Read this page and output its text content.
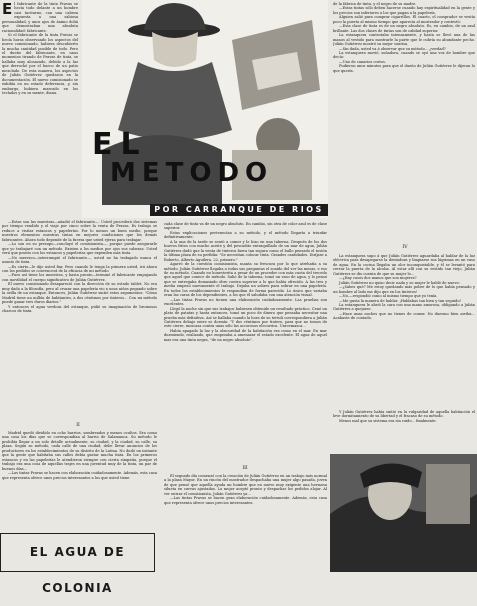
E l fabricante de la tinta Pravas se hecía todo delante a un hombre casi taciturno, con una cabeza expuesta a una sabiosa personalidad, y unos ajos de ánimo doliá que demostraban una absoluta racionalidad: fabricante.

Si el fabricante de la tinta Pravas se hecía horas observando los aspectos del nuevo comisionado, hubiera descubierto la mucha cantidad posible de todo. Pero el dueño del fabricante, en unos momentos tirando de Pravas de tinta, se hallaba muy alcanzado, debido a la luz que derrochó por el hueco de un patio mezclado. De esta manera, los aspectos de Julián Gutiérrez quedaron en la documentación. El nuevo comisionado se exhibía en un estado deferencia, y, sin embargo, hubiera marcado en los teclados y en su mente, diana.

EL
METODO
POR CARRANQUE DE RIOS

de la fábrica de tinta, y el negro de su madre.

—Estas tintas sólo deben hacerse cuando hay espiritualidad en la gente y los precios son inferiores a los que pagan a la papelería.

Alguien salió para comprar cigarrillos. El cuarto, el comprador se vestía poco la puerta al mismo tiempo que aparecía al mostrador y contestó:

—Esta clase de tinta es de un negro absoluto. Es, en cambio, de un azul brillante. Las dos clases de tintas son de calidad superior.

La estanquera contestaba intensamente, y hasta se llevó una de las manos al vestido para mostrarle la parte que le cubría su abundante pecho. Julián Gutiérrez mostró su mejor sonrisa.

—Sin duda, usted va á observar que su método... ¿verdad?

La estanquera movió, soñadora, cuando se oyó una voz de hombre que decía:

—Uno de canarios cortos.

Pudieron unos minutos para que el dueño de Julián Gutiérrez le dijeran lo que quería.

—Estas son las muestras—añadió el fabricante—. Usted procederá dos sistemas por tiempo vendido y el viaje por cinco sobre la venta de Pravas. Es trabajo se reduce a visitar estancos y papelerías. Por lo menos un buen medio, porque nuestros elementos nuestras tintas en mejores condiciones que los demás fabricantes. Ahora todo depende de la fuerza que usted ejerza para trabajar.

—Lo son en su presupo—concluyó el comisionista—, porque puede asegurarle que yo trabajaré con un método. Existen a los medios por ojos sus cabezas. Usted verá que pronto con los estancos y papelerías que expenden más tinta.

—No merezco—interrumpió el fabricante—, usted no ha trabajado nunca el asunto de tinta.

—Es cierto—le dijo usted fiar, Pero cuando le tenga la primera usted, irá ahora con los pedidos se convencerá de la eficacia de mi método.

—Pues así tiene los muestras, y hasta pronto—terminó el fabricante empujando con movilidad el cuerpo significativo de Julián Gutiérrez.

El nuevo comisionado desapareció con la dirección de su estado tablet. No era muy dado a la filosofía, pero al cruzar una papelería vio a unos niños pegando sobre la orilla de un estanque. Entonces, Julián Gutiérrez sintió estos argumentos: "Cómo Madrid tiene un millón de habitantes, a dos céntimos por tinteros... Con mi método puede ganar tres duros diarios."

Y entonces el agua verdosa del estanque, pidió su imaginación de bromosos charcos de tinta.

II

Madrid quedó dividido en ocho barrios, sombreados y menos ocultos. Era como una casa los días que se correspondían al barrio de Salamanca. Su método le prohibía llegar a un solo detalle actualmente, su ciudad, y la ciudad, su calle, su plaza. Según su método, cada calle de una ciudad, debe llevar anuncios de los productores en los establecimientos de su distrito de la Latina. No dudó un instante que la gente que habitaba sus calles debía gastar mucha tinta. En los primeros estancos y en las papelerías le atendieron siempre con cierta simpatía, porque el trabajo era una cosa de aquellas trajes en una juventud muy de la tinta, un par de buenos días...

—Las tintas Pravas se hacen con elaboración cuidadosamente. Además, esta casa que representa ofrece unos precios interesantes a los que usted tiene.

EL AGUA DE COLONIA

cada clase de tinta va de un negro absoluto. En cambio, sin otra de color azul es de clase superior.

Estas explicaciones pertenecían a su método, y el método llegaría a triunfar definitivamente.

A la una de la tarde se sentó a comer y le hizo en una taberna. Después de los dos huevos fritos con mucho aceite y del pescadito entraquillado de un mar de agua, Julián Gutiérrez dudó que la venta de tinteros fuera tan segura como el bullo pensado el tostón la última plaza de su perfidia: "Se necesitan colocar tinta. Grandes cantidades. Diríjase a Roberto, Alberto Aguilera, 22, primero."

Agarró de la cuestión comisionista, manta su frescura por lo que atrehatía a su método. Julián Gutiérrez llegaba a todas sus preguntas el sonido del ver las mesas, e eso de su método. Cuando en honesterita a pesar de un proceder con más cuota del trecedo que aquel que conece de método. Salió de la taberna, tomó un vaso de agua, y lo pensó que se entregaba demasiado ebro contra superior a lo que había ofrecido. A las tres y media empezó nuevamente el trabajo. Dejaba un sobres para sobrar en una papelería. En todos los establecimientos le respondían de forma parecida. Lo único que variaba eran las caras de los dependientes, a los que él saludaba con una atención visual.

—Las tintas Pravas no tienen una elaboración cuidadosamente. Las pruebas son excelentes.

Llegó la noche sin que sus trabajos hubiesen obtenido un resultado práctico. Cenó un plato de patatas y hasta entonces, tomó un poco de dinero que pensaba necesitar una prueba más definitiva. Así se hallaba cuando la hora de su tertuli correspondiera a Julián Gutiérrez debajo entre se dormía: "Y dos céntimos por tintero, para que no tomos de este cierre, moscasa contra unas sólo las accorosos elecorrios. Unrovmasca...

Había apagado la luz y la obscuridad de la habitación era como en el mar. En mar durmiendo, realizado, que empezaba a amenazar el estado excelente. El agua de aquel mar era una tinta negra, "de un negro absoluto".

III

El segundo día comenzó con la creación de Julián Gutiérrez en un trabajo más normal a la plaza Mayor. En un rincón del mostrador despachaba una mujer algo pasada, joven de que pensó que aquella ayuda un hombre que en nuevo muy exigente una hermosa silueta en curvas ajustadas. La mujer aceptó pronto y despachar los pedidos alojar. Al ver entrar el comisionista, Julián Gutiérrez ya...

—Las tintas Pravas se hacen gran elaboración cuidadosamente. Además, esta casa que representa ofrece unos precios interesantes.

IV

La estanquera supo á que Julián Gutiérrez aguardaba al hablar de la luz eléctrica para desapegarse la dentadura y limpiarse sus lágrimas en un vaso de agua. En la cocina llegaba un olor inconquistable, y él se levantó para cerrar la puerta de la alcoba. Al estar allí con su vestido tan viejo, Julián Gutiérrez se dio cuenta de que su mujer lo...

—¿Hay casos dos manos que son mujeres?

Julián Gutiérrez no quiso decir nada y su mujer le habló de nuevo:

—¿Sabes qué? Me estoy quedando más pobre de lo que había pensado y un hombre al lado me dijo que en los tinteros!

—No,—respondió como al mismo tiempo que yo tenía.

—Me gusta la manera de hablar. ¡Hablabas tan bien y tan seguido!

La estanquera le abrió la cara con una mano amorosa, obligando a Julián Gutiérrez a quejarse.

—Hace unas noches que no tienes de comer. No duermo bien arriba... Acabaste de contado.

Y Julián Gutiérrez había sintió en la vulgaridad de aquella habitación el leve dormitamiento de su libertad y el fracaso de su método.

Menos mal que su sistema era sin ruido... finalmente.
